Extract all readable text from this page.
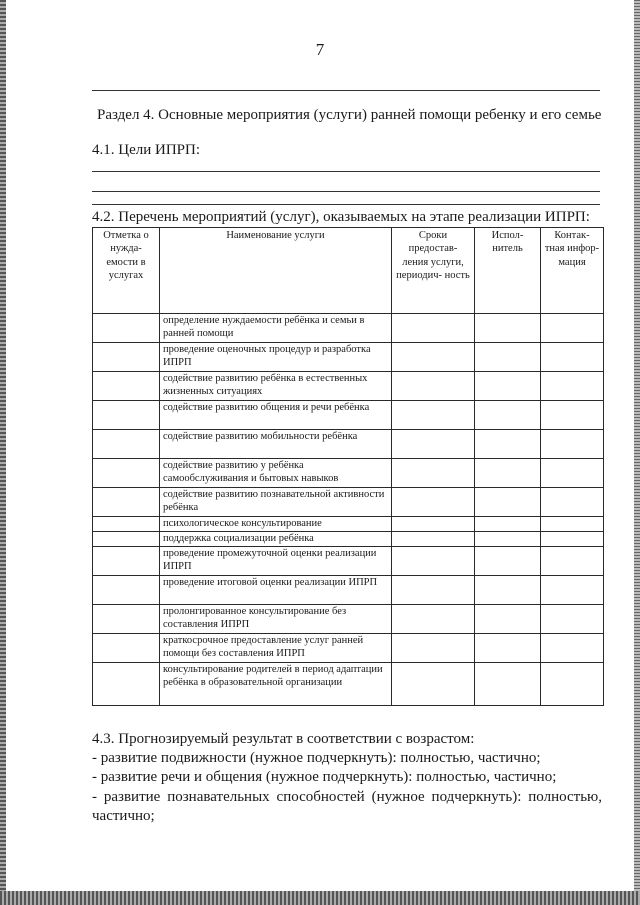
7
Раздел 4. Основные мероприятия (услуги) ранней помощи ребенку и его семье
4.1. Цели ИПРП:
4.2. Перечень мероприятий (услуг), оказываемых на этапе реализации ИПРП:
Отметка о нужда- емости в услугах	Наименование услуги	Сроки предостав- ления услуги, периодич- ность	Испол- нитель	Контак- тная инфор- мация
	определение нуждаемости ребёнка и семьи в ранней помощи			
	проведение оценочных процедур и разработка ИПРП			
	содействие развитию ребёнка в естественных жизненных ситуациях			
	содействие развитию общения и речи ребёнка			
	содействие развитию мобильности ребёнка			
	содействие развитию у ребёнка самообслуживания и бытовых навыков			
	содействие развитию познавательной активности ребёнка			
	психологическое консультирование			
	поддержка социализации ребёнка			
	проведение промежуточной оценки реализации ИПРП			
	проведение итоговой оценки реализации ИПРП			
	пролонгированное консультирование без составления ИПРП			
	краткосрочное предоставление услуг ранней помощи без составления ИПРП			
	консультирование родителей в период адаптации ребёнка в образовательной организации			

4.3. Прогнозируемый результат в соответствии с возрастом:

- развитие подвижности (нужное подчеркнуть): полностью, частично;

- развитие речи и общения (нужное подчеркнуть): полностью, частично;

- развитие познавательных способностей (нужное подчеркнуть): полностью, частично;
